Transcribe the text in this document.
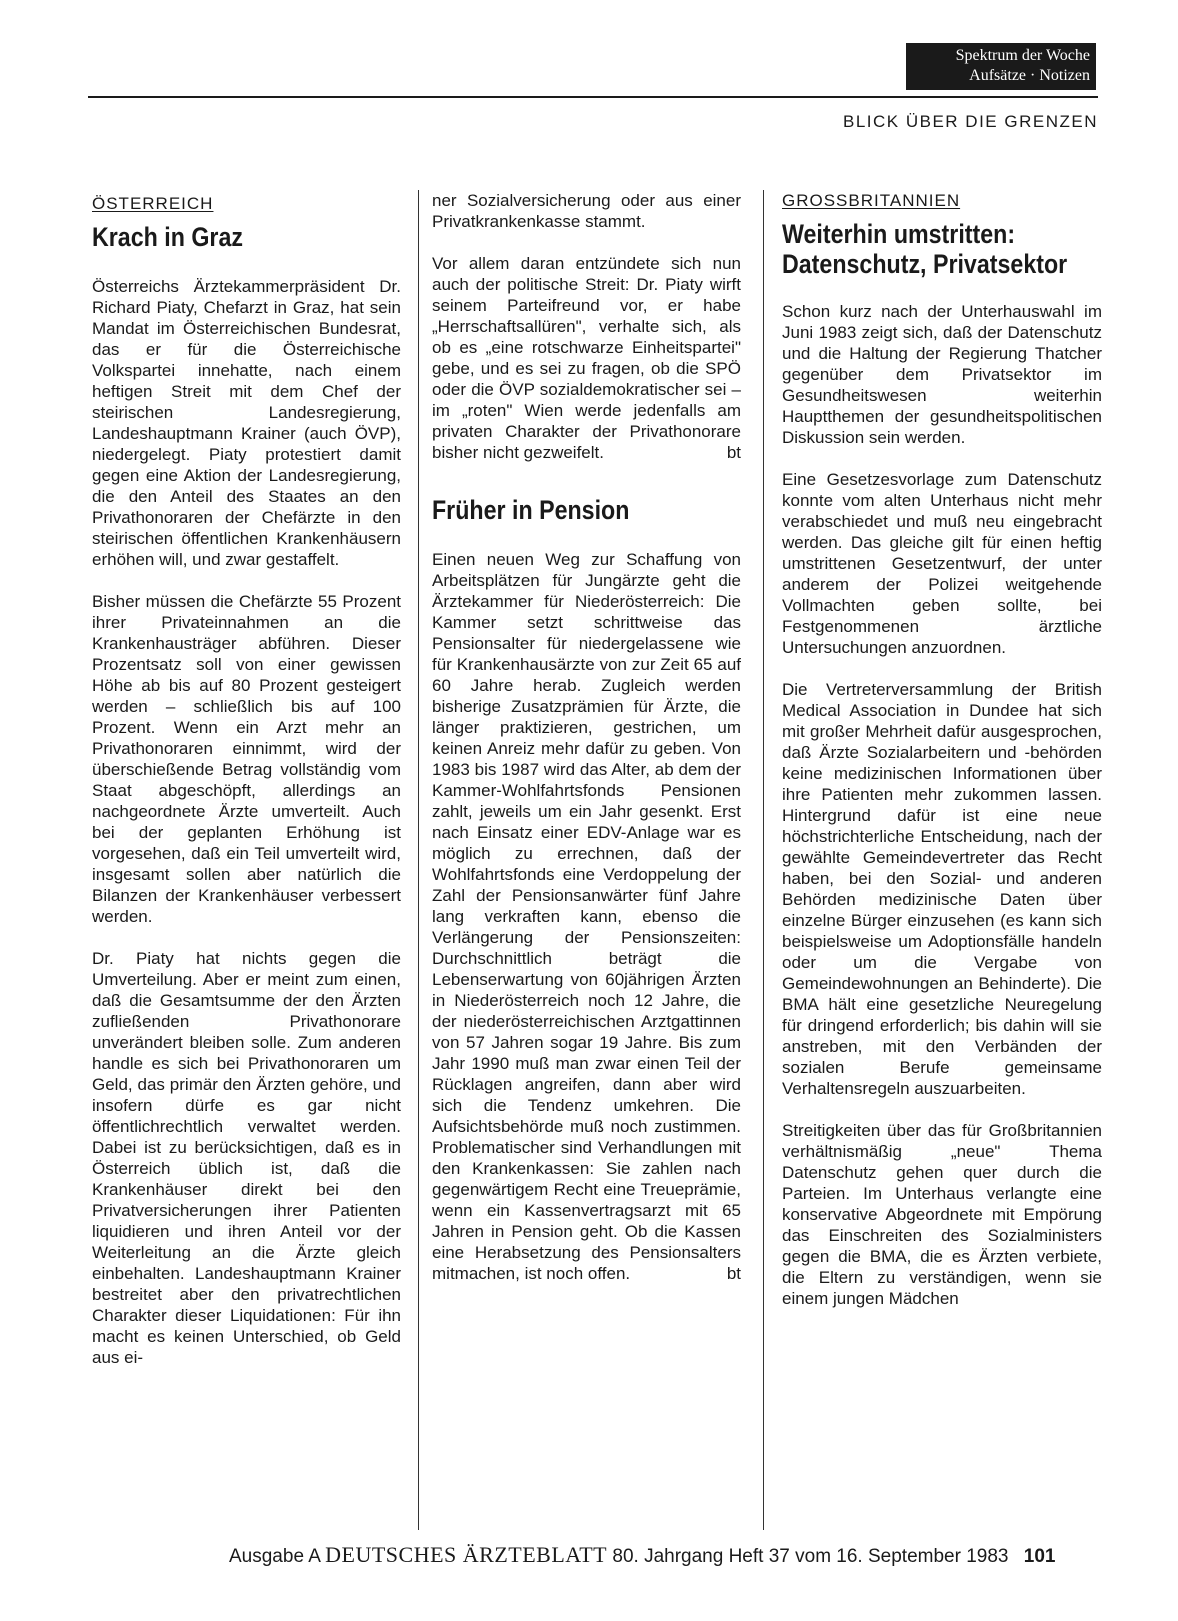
Spektrum der Woche
Aufsätze · Notizen
BLICK ÜBER DIE GRENZEN
ÖSTERREICH
Krach in Graz

Österreichs Ärztekammerpräsident Dr. Richard Piaty, Chefarzt in Graz, hat sein Mandat im Österreichischen Bundesrat, das er für die Österreichische Volkspartei innehatte, nach einem heftigen Streit mit dem Chef der steirischen Landesregierung, Landeshauptmann Krainer (auch ÖVP), niedergelegt. Piaty protestiert damit gegen eine Aktion der Landesregierung, die den Anteil des Staates an den Privathonoraren der Chefärzte in den steirischen öffentlichen Krankenhäusern erhöhen will, und zwar gestaffelt.

Bisher müssen die Chefärzte 55 Prozent ihrer Privateinnahmen an die Krankenhausträger abführen. Dieser Prozentsatz soll von einer gewissen Höhe ab bis auf 80 Prozent gesteigert werden – schließlich bis auf 100 Prozent. Wenn ein Arzt mehr an Privathonoraren einnimmt, wird der überschießende Betrag vollständig vom Staat abgeschöpft, allerdings an nachgeordnete Ärzte umverteilt. Auch bei der geplanten Erhöhung ist vorgesehen, daß ein Teil umverteilt wird, insgesamt sollen aber natürlich die Bilanzen der Krankenhäuser verbessert werden.

Dr. Piaty hat nichts gegen die Umverteilung. Aber er meint zum einen, daß die Gesamtsumme der den Ärzten zufließenden Privathonorare unverändert bleiben solle. Zum anderen handle es sich bei Privathonoraren um Geld, das primär den Ärzten gehöre, und insofern dürfe es gar nicht öffentlichrechtlich verwaltet werden. Dabei ist zu berücksichtigen, daß es in Österreich üblich ist, daß die Krankenhäuser direkt bei den Privatversicherungen ihrer Patienten liquidieren und ihren Anteil vor der Weiterleitung an die Ärzte gleich einbehalten. Landeshauptmann Krainer bestreitet aber den privatrechtlichen Charakter dieser Liquidationen: Für ihn macht es keinen Unterschied, ob Geld aus ei-

ner Sozialversicherung oder aus einer Privatkrankenkasse stammt.

Vor allem daran entzündete sich nun auch der politische Streit: Dr. Piaty wirft seinem Parteifreund vor, er habe „Herrschaftsallüren", verhalte sich, als ob es „eine rotschwarze Einheitspartei" gebe, und es sei zu fragen, ob die SPÖ oder die ÖVP sozialdemokratischer sei – im „roten" Wien werde jedenfalls am privaten Charakter der Privathonorare bisher nicht gezweifelt.	bt

Früher in Pension

Einen neuen Weg zur Schaffung von Arbeitsplätzen für Jungärzte geht die Ärztekammer für Niederösterreich: Die Kammer setzt schrittweise das Pensionsalter für niedergelassene wie für Krankenhausärzte von zur Zeit 65 auf 60 Jahre herab. Zugleich werden bisherige Zusatzprämien für Ärzte, die länger praktizieren, gestrichen, um keinen Anreiz mehr dafür zu geben. Von 1983 bis 1987 wird das Alter, ab dem der Kammer-Wohlfahrtsfonds Pensionen zahlt, jeweils um ein Jahr gesenkt. Erst nach Einsatz einer EDV-Anlage war es möglich zu errechnen, daß der Wohlfahrtsfonds eine Verdoppelung der Zahl der Pensionsanwärter fünf Jahre lang verkraften kann, ebenso die Verlängerung der Pensionszeiten: Durchschnittlich beträgt die Lebenserwartung von 60jährigen Ärzten in Niederösterreich noch 12 Jahre, die der niederösterreichischen Arztgattinnen von 57 Jahren sogar 19 Jahre. Bis zum Jahr 1990 muß man zwar einen Teil der Rücklagen angreifen, dann aber wird sich die Tendenz umkehren. Die Aufsichtsbehörde muß noch zustimmen. Problematischer sind Verhandlungen mit den Krankenkassen: Sie zahlen nach gegenwärtigem Recht eine Treueprämie, wenn ein Kassenvertragsarzt mit 65 Jahren in Pension geht. Ob die Kassen eine Herabsetzung des Pensionsalters mitmachen, ist noch offen.	bt

GROSSBRITANNIEN
Weiterhin umstritten:
Datenschutz, Privatsektor

Schon kurz nach der Unterhauswahl im Juni 1983 zeigt sich, daß der Datenschutz und die Haltung der Regierung Thatcher gegenüber dem Privatsektor im Gesundheitswesen weiterhin Hauptthemen der gesundheitspolitischen Diskussion sein werden.

Eine Gesetzesvorlage zum Datenschutz konnte vom alten Unterhaus nicht mehr verabschiedet und muß neu eingebracht werden. Das gleiche gilt für einen heftig umstrittenen Gesetzentwurf, der unter anderem der Polizei weitgehende Vollmachten geben sollte, bei Festgenommenen ärztliche Untersuchungen anzuordnen.

Die Vertreterversammlung der British Medical Association in Dundee hat sich mit großer Mehrheit dafür ausgesprochen, daß Ärzte Sozialarbeitern und -behörden keine medizinischen Informationen über ihre Patienten mehr zukommen lassen. Hintergrund dafür ist eine neue höchstrichterliche Entscheidung, nach der gewählte Gemeindevertreter das Recht haben, bei den Sozial- und anderen Behörden medizinische Daten über einzelne Bürger einzusehen (es kann sich beispielsweise um Adoptionsfälle handeln oder um die Vergabe von Gemeindewohnungen an Behinderte). Die BMA hält eine gesetzliche Neuregelung für dringend erforderlich; bis dahin will sie anstreben, mit den Verbänden der sozialen Berufe gemeinsame Verhaltensregeln auszuarbeiten.

Streitigkeiten über das für Großbritannien verhältnismäßig „neue" Thema Datenschutz gehen quer durch die Parteien. Im Unterhaus verlangte eine konservative Abgeordnete mit Empörung das Einschreiten des Sozialministers gegen die BMA, die es Ärzten verbiete, die Eltern zu verständigen, wenn sie einem jungen Mädchen

Ausgabe A DEUTSCHES ÄRZTEBLATT 80. Jahrgang Heft 37 vom 16. September 1983 101
